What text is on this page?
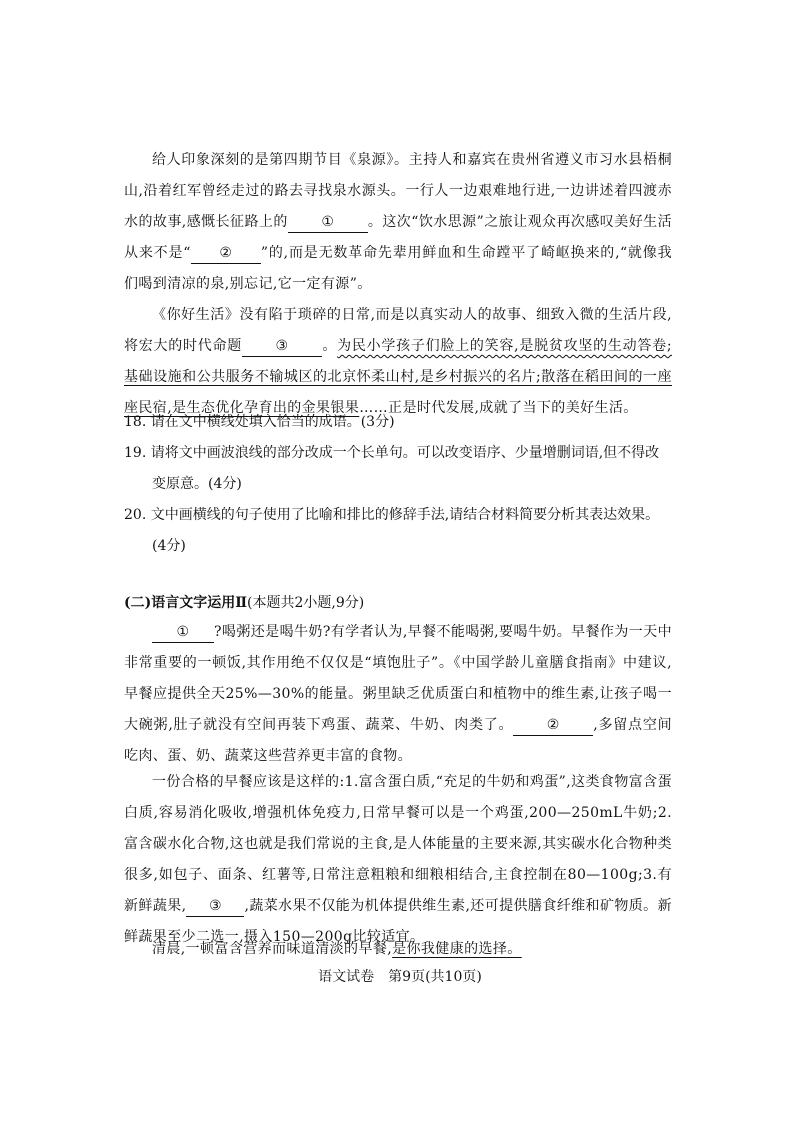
给人印象深刻的是第四期节目《泉源》。主持人和嘉宾在贵州省遵义市习水县梧桐山,沿着红军曾经走过的路去寻找泉水源头。一行人一边艰难地行进,一边讲述着四渡赤水的故事,感慨长征路上的 ① 。这次“饮水思源”之旅让观众再次感叹美好生活从来不是“ ② ”的,而是无数革命先辈用鲜血和生命蹚平了崎岖换来的,“就像我们喝到清凉的泉,别忘记,它一定有源”。
《你好生活》没有陷于琐碎的日常,而是以真实动人的故事、细致入微的生活片段,将宏大的时代命题 ③ 。为民小学孩子们脸上的笑容,是脱贫攻坚的生动答卷;基础设施和公共服务不输城区的北京怀柔山村,是乡村振兴的名片;散落在稻田间的一座座民宿,是生态优化孕育出的金果银果……正是时代发展,成就了当下的美好生活。
18. 请在文中横线处填入恰当的成语。(3分)
19. 请将文中画波浪线的部分改成一个长单句。可以改变语序、少量增删词语,但不得改
变原意。(4分)
20. 文中画横线的句子使用了比喻和排比的修辞手法,请结合材料简要分析其表达效果。
(4分)
(二)语言文字运用Ⅱ(本题共2小题,9分)
① ?喝粥还是喝牛奶?有学者认为,早餐不能喝粥,要喝牛奶。早餐作为一天中非常重要的一顿饭,其作用绝不仅仅是“填饱肚子”。《中国学龄儿童膳食指南》中建议,早餐应提供全天25%—30%的能量。粥里缺乏优质蛋白和植物中的维生素,让孩子喝一大碗粥,肚子就没有空间再装下鸡蛋、蔬菜、牛奶、肉类了。 ② ,多留点空间吃肉、蛋、奶、蔬菜这些营养更丰富的食物。
一份合格的早餐应该是这样的:1.富含蛋白质,“充足的牛奶和鸡蛋”,这类食物富含蛋白质,容易消化吸收,增强机体免疫力,日常早餐可以是一个鸡蛋,200—250mL牛奶;2.富含碳水化合物,这也就是我们常说的主食,是人体能量的主要来源,其实碳水化合物种类很多,如包子、面条、红薯等,日常注意粗粮和细粮相结合,主食控制在80—100g;3.有新鲜蔬果, ③ ,蔬菜水果不仅能为机体提供维生素,还可提供膳食纤维和矿物质。新鲜蔬果至少二选一,摄入150—200g比较适宜。
清晨,一顿富含营养而味道清淡的早餐,是你我健康的选择。
语文试卷　第9页(共10页)
